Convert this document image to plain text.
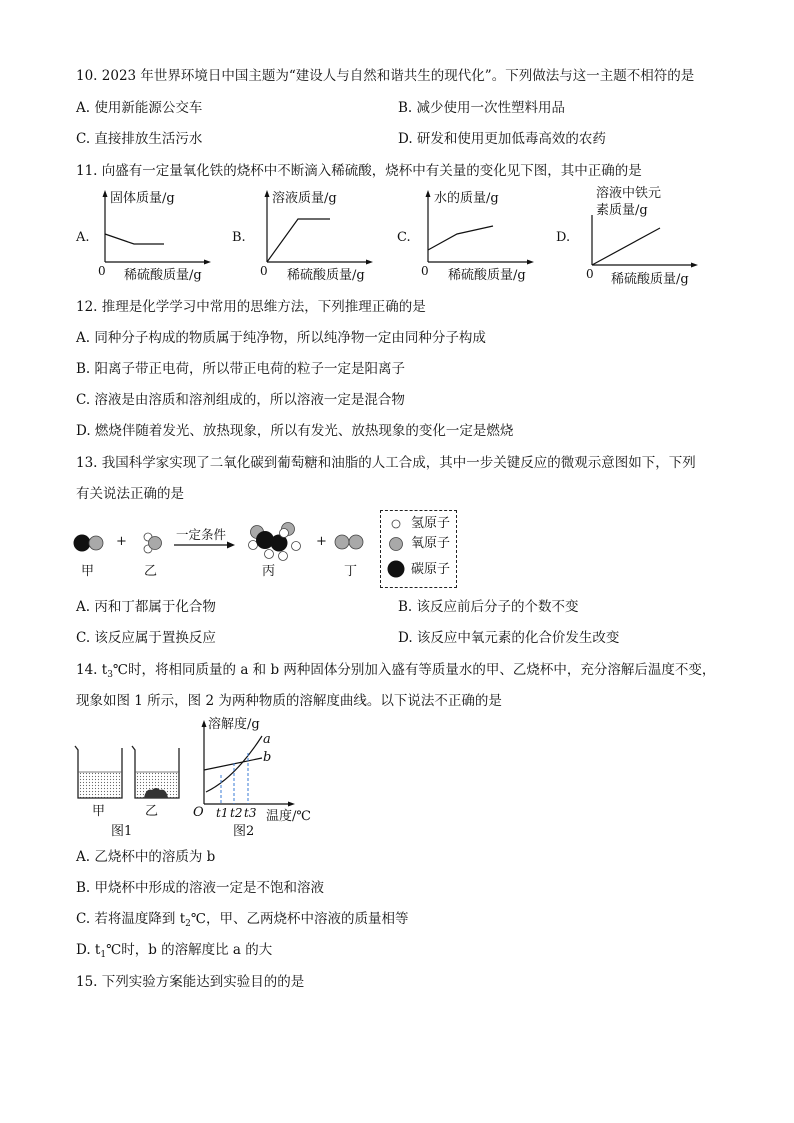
10. 2023 年世界环境日中国主题为“建设人与自然和谐共生的现代化”。下列做法与这一主题不相符的是
A. 使用新能源公交车	B. 减少使用一次性塑料用品
C. 直接排放生活污水	D. 研发和使用更加低毒高效的农药
11. 向盛有一定量氧化铁的烧杯中不断滴入稀硫酸，烧杯中有关量的变化见下图，其中正确的是
A.
固体质量/g
0 稀硫酸质量/g
B.
溶液质量/g
0 稀硫酸质量/g
C.
水的质量/g
0 稀硫酸质量/g
D.
溶液中铁元
素质量/g
0 稀硫酸质量/g
12. 推理是化学学习中常用的思维方法，下列推理正确的是
A. 同种分子构成的物质属于纯净物，所以纯净物一定由同种分子构成
B. 阳离子带正电荷，所以带正电荷的粒子一定是阳离子
C. 溶液是由溶质和溶剂组成的，所以溶液一定是混合物
D. 燃烧伴随着发光、放热现象，所以有发光、放热现象的变化一定是燃烧
13. 我国科学家实现了二氧化碳到葡萄糖和油脂的人工合成，其中一步关键反应的微观示意图如下，下列
有关说法正确的是
+	+
一定条件
甲	乙	丙	丁
氢原子
氧原子
碳原子
A. 丙和丁都属于化合物	B. 该反应前后分子的个数不变
C. 该反应属于置换反应	D. 该反应中氧元素的化合价发生改变
14. $t_3℃$时，将相同质量的 a 和 b 两种固体分别加入盛有等质量水的甲、乙烧杯中，充分溶解后温度不变，
现象如图 1 所示，图 2 为两种物质的溶解度曲线。以下说法不正确的是
甲	乙
图1
溶解度/g
a
b
O t1 t2 t3 温度/℃
图2
A. 乙烧杯中的溶质为 b
B. 甲烧杯中形成的溶液一定是不饱和溶液
C. 若将温度降到 $t_2℃$，甲、乙两烧杯中溶液的质量相等
D. $t_1℃$时，b 的溶解度比 a 的大
15. 下列实验方案能达到实验目的的是
